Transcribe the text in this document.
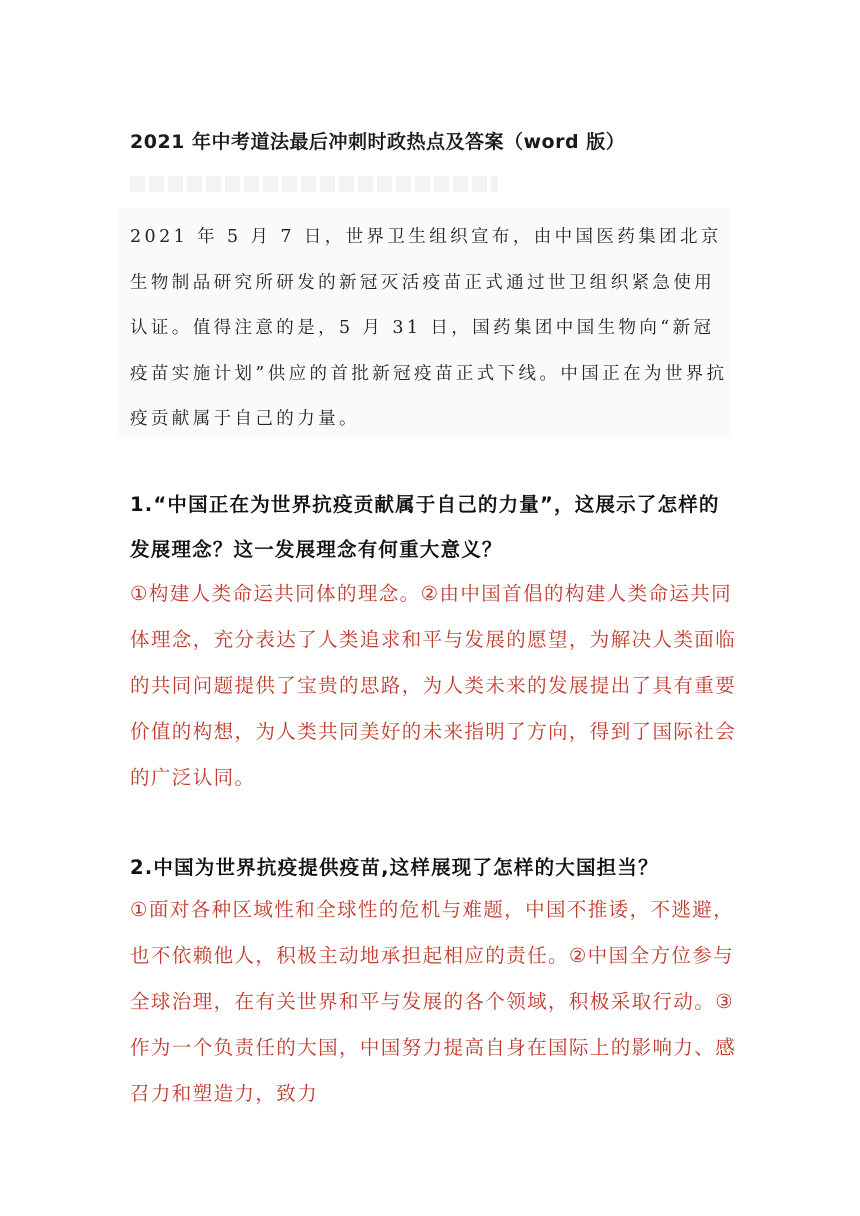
2021 年中考道法最后冲刺时政热点及答案（word 版）

2021 年 5 月 7 日，世界卫生组织宣布，由中国医药集团北京生物制品研究所研发的新冠灭活疫苗正式通过世卫组织紧急使用认证。值得注意的是，5 月 31 日，国药集团中国生物向“新冠疫苗实施计划”供应的首批新冠疫苗正式下线。中国正在为世界抗疫贡献属于自己的力量。

1.“中国正在为世界抗疫贡献属于自己的力量”，这展示了怎样的发展理念？这一发展理念有何重大意义？

①构建人类命运共同体的理念。②由中国首倡的构建人类命运共同体理念，充分表达了人类追求和平与发展的愿望，为解决人类面临的共同问题提供了宝贵的思路，为人类未来的发展提出了具有重要价值的构想，为人类共同美好的未来指明了方向，得到了国际社会的广泛认同。

2.中国为世界抗疫提供疫苗,这样展现了怎样的大国担当？

①面对各种区域性和全球性的危机与难题，中国不推诿，不逃避，也不依赖他人，积极主动地承担起相应的责任。②中国全方位参与全球治理，在有关世界和平与发展的各个领域，积极采取行动。③作为一个负责任的大国，中国努力提高自身在国际上的影响力、感召力和塑造力，致力
